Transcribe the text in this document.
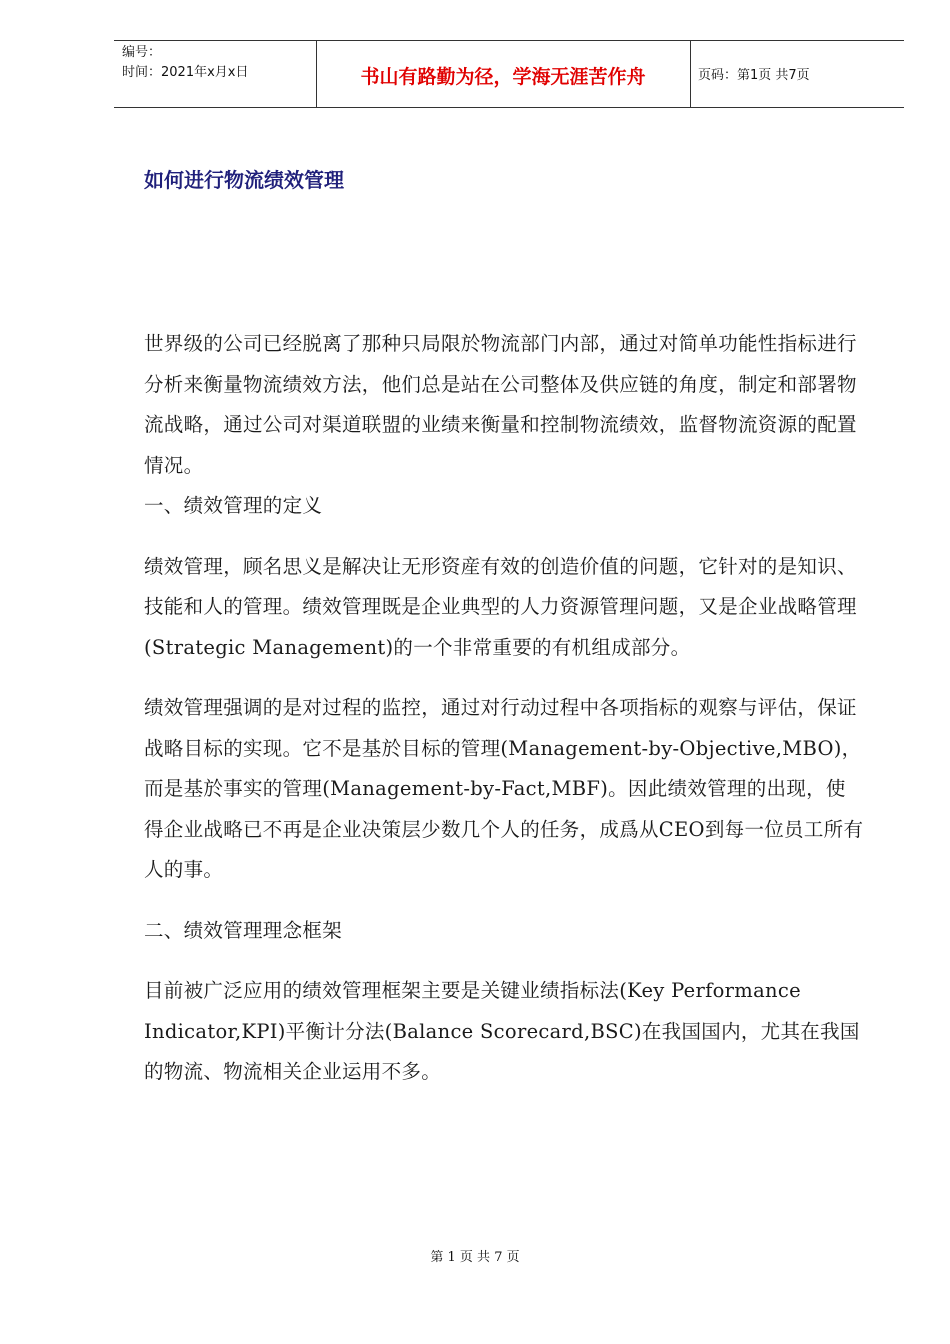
编号：
时间：2021年x月x日	书山有路勤为径，学海无涯苦作舟	页码：第1页 共7页
如何进行物流绩效管理

世界级的公司已经脱离了那种只局限於物流部门内部，通过对简单功能性指标进行分析来衡量物流绩效方法，他们总是站在公司整体及供应链的角度，制定和部署物流战略，通过公司对渠道联盟的业绩来衡量和控制物流绩效，监督物流资源的配置情况。

一、绩效管理的定义

绩效管理，顾名思义是解决让无形资産有效的创造价值的问题，它针对的是知识、技能和人的管理。绩效管理既是企业典型的人力资源管理问题，又是企业战略管理(Strategic Management)的一个非常重要的有机组成部分。

绩效管理强调的是对过程的监控，通过对行动过程中各项指标的观察与评估，保证战略目标的实现。它不是基於目标的管理(Management-by-Objective,MBO)，而是基於事实的管理(Management-by-Fact,MBF)。因此绩效管理的出现，使得企业战略已不再是企业决策层少数几个人的任务，成爲从CEO到每一位员工所有人的事。

二、绩效管理理念框架

目前被广泛应用的绩效管理框架主要是关键业绩指标法(Key Performance Indicator,KPI)平衡计分法(Balance Scorecard,BSC)在我国国内，尤其在我国的物流、物流相关企业运用不多。

第 1 页 共 7 页
